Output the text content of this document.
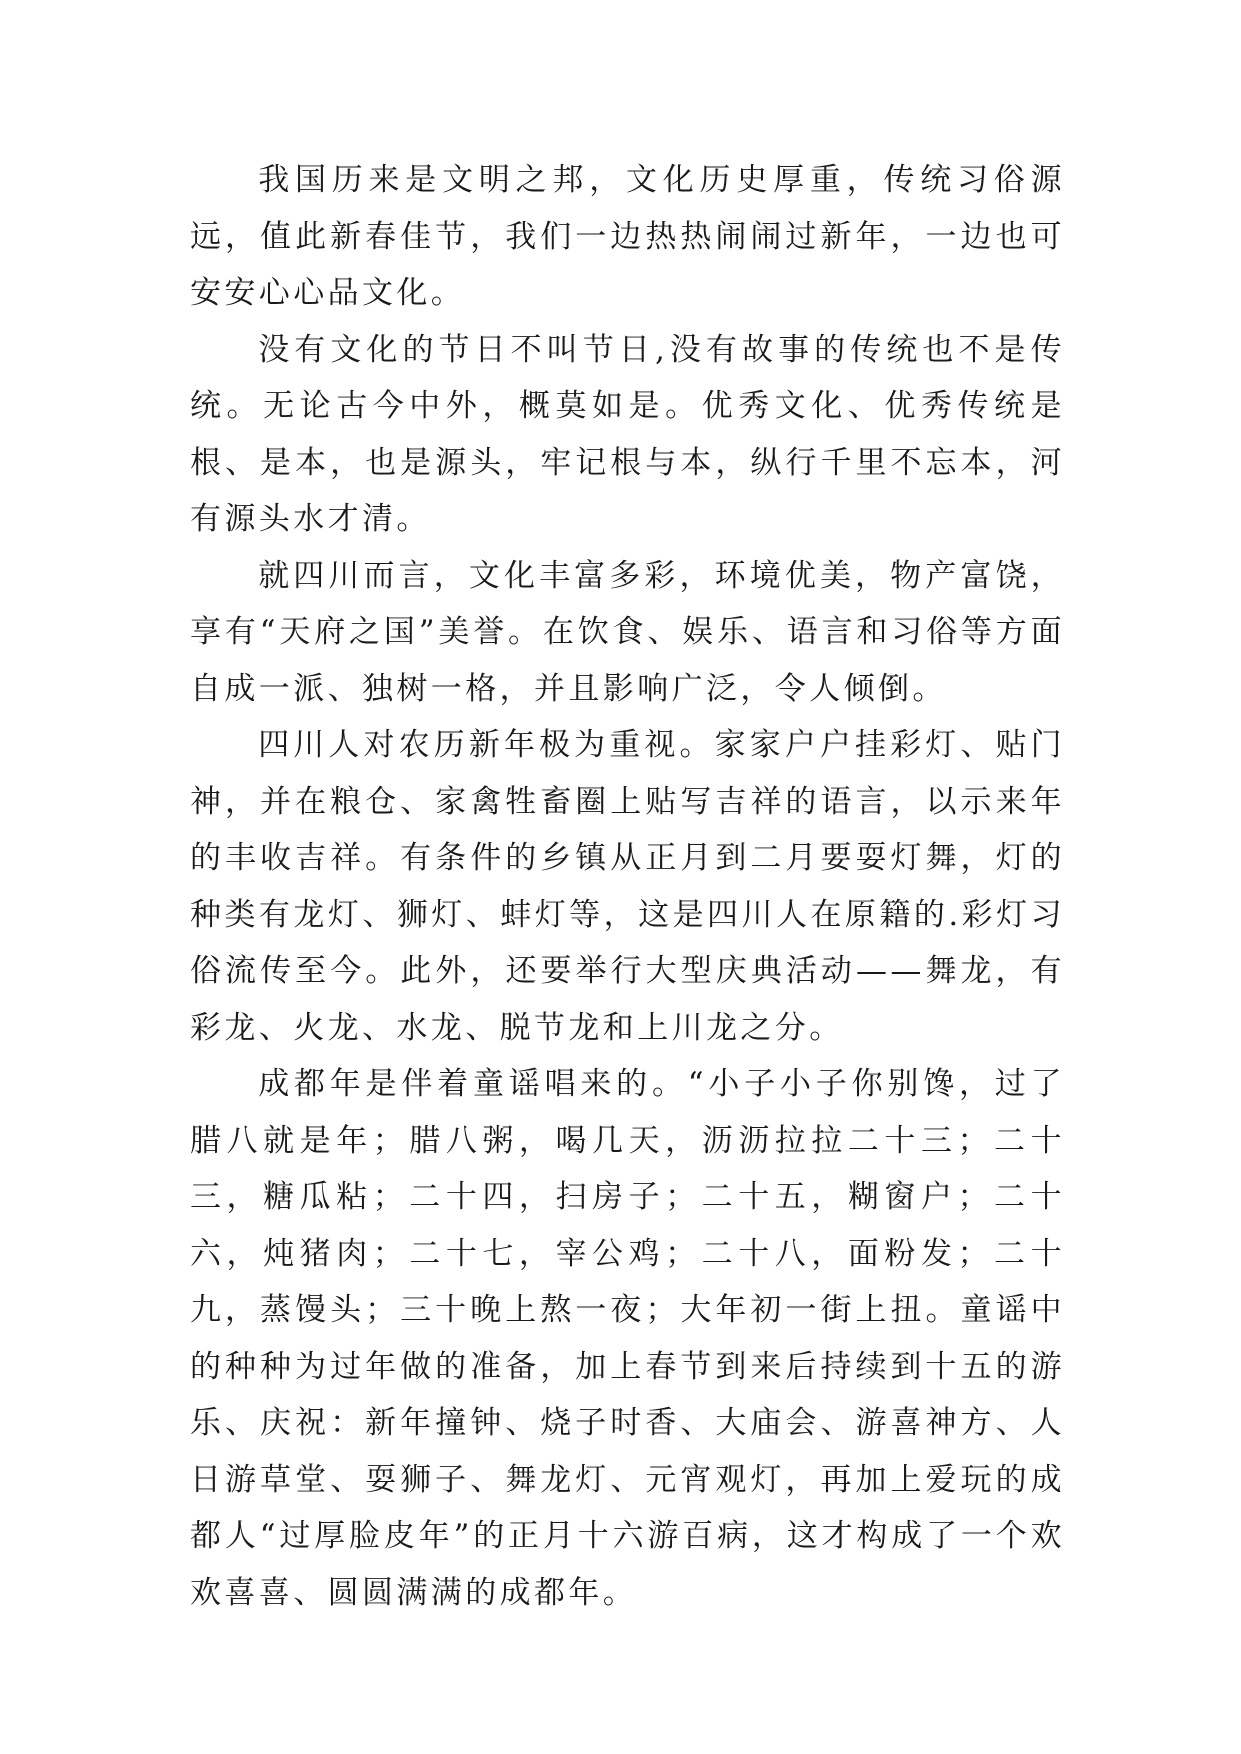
我国历来是文明之邦，文化历史厚重，传统习俗源远，值此新春佳节，我们一边热热闹闹过新年，一边也可安安心心品文化。

没有文化的节日不叫节日,没有故事的传统也不是传统。无论古今中外，概莫如是。优秀文化、优秀传统是根、是本，也是源头，牢记根与本，纵行千里不忘本，河有源头水才清。

就四川而言，文化丰富多彩，环境优美，物产富饶，享有“天府之国”美誉。在饮食、娱乐、语言和习俗等方面自成一派、独树一格，并且影响广泛，令人倾倒。

四川人对农历新年极为重视。家家户户挂彩灯、贴门神，并在粮仓、家禽牲畜圈上贴写吉祥的语言，以示来年的丰收吉祥。有条件的乡镇从正月到二月要耍灯舞，灯的种类有龙灯、狮灯、蚌灯等，这是四川人在原籍的.彩灯习俗流传至今。此外，还要举行大型庆典活动——舞龙，有彩龙、火龙、水龙、脱节龙和上川龙之分。

成都年是伴着童谣唱来的。“小子小子你别馋，过了腊八就是年；腊八粥，喝几天，沥沥拉拉二十三；二十三，糖瓜粘；二十四，扫房子；二十五，糊窗户；二十六，炖猪肉；二十七，宰公鸡；二十八，面粉发；二十九，蒸馒头；三十晚上熬一夜；大年初一街上扭。童谣中的种种为过年做的准备，加上春节到来后持续到十五的游乐、庆祝：新年撞钟、烧子时香、大庙会、游喜神方、人日游草堂、耍狮子、舞龙灯、元宵观灯，再加上爱玩的成都人“过厚脸皮年”的正月十六游百病，这才构成了一个欢欢喜喜、圆圆满满的成都年。
